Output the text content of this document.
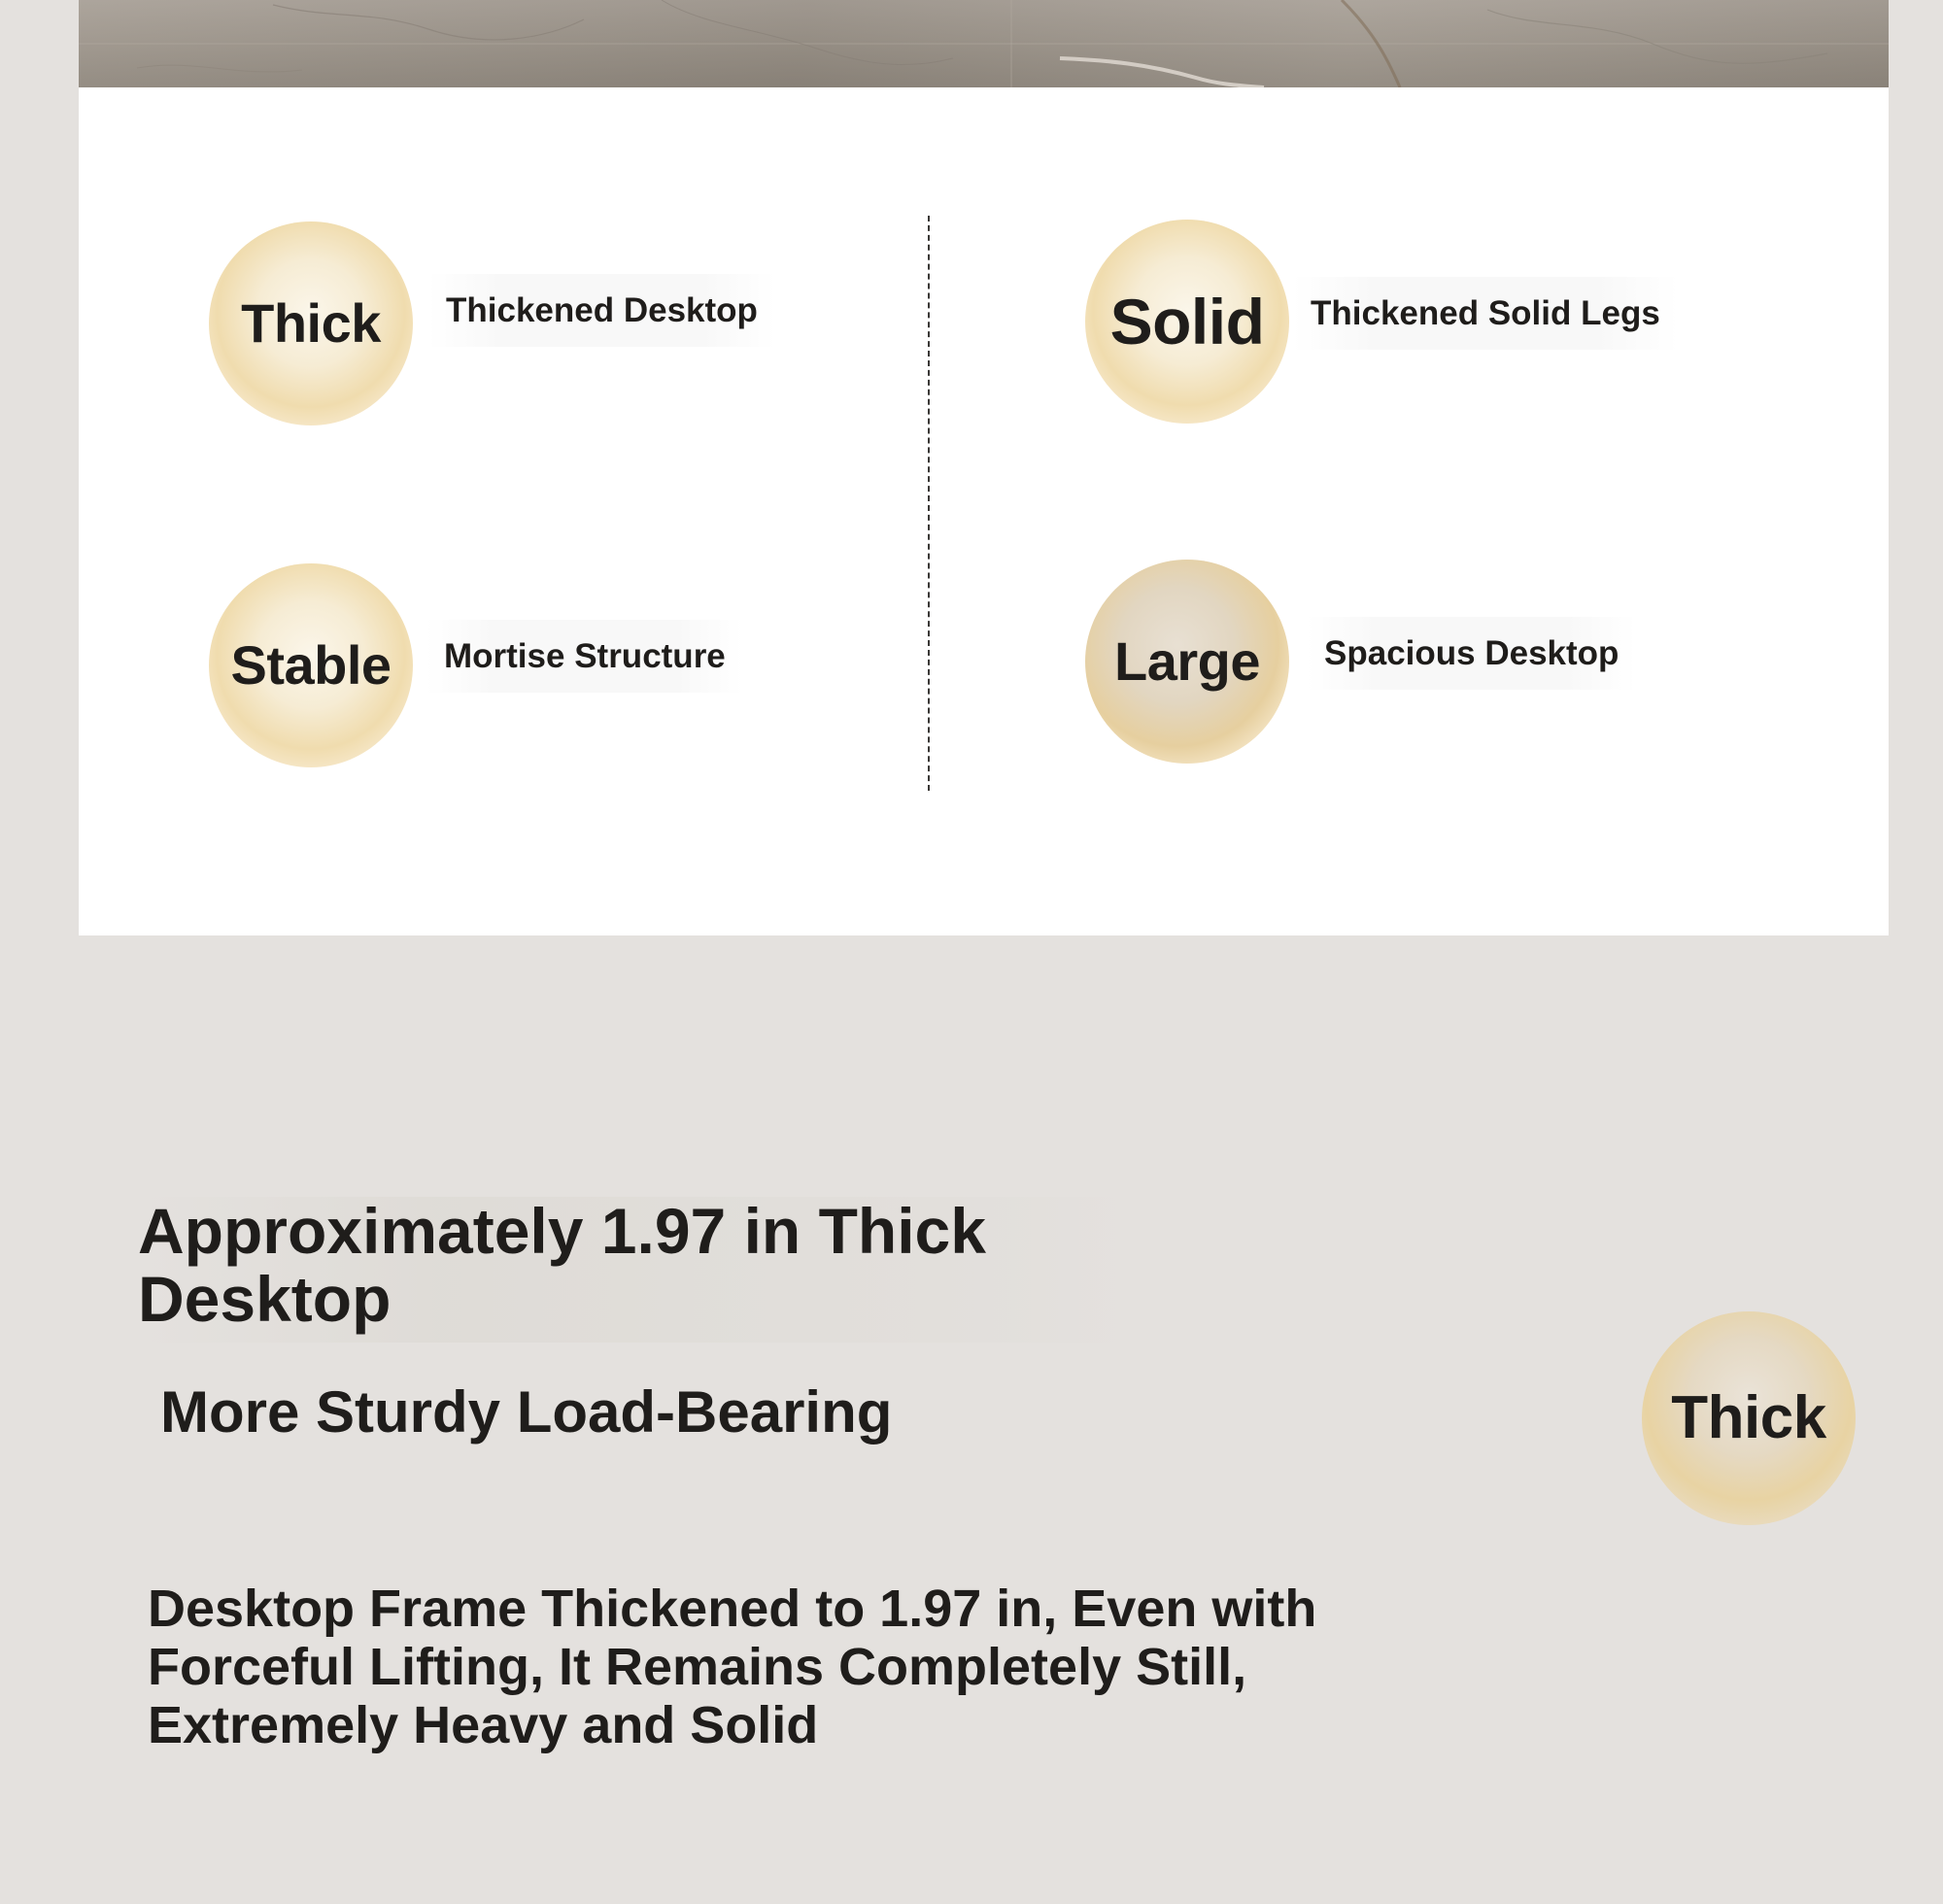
Thick	Thickened Desktop	Solid	Thickened Solid Legs
Stable	Mortise Structure	Large	Spacious Desktop
Approximately 1.97 in Thick Desktop
More Sturdy Load-Bearing	Thick
Desktop Frame Thickened to 1.97 in, Even with Forceful Lifting, It Remains Completely Still, Extremely Heavy and Solid
